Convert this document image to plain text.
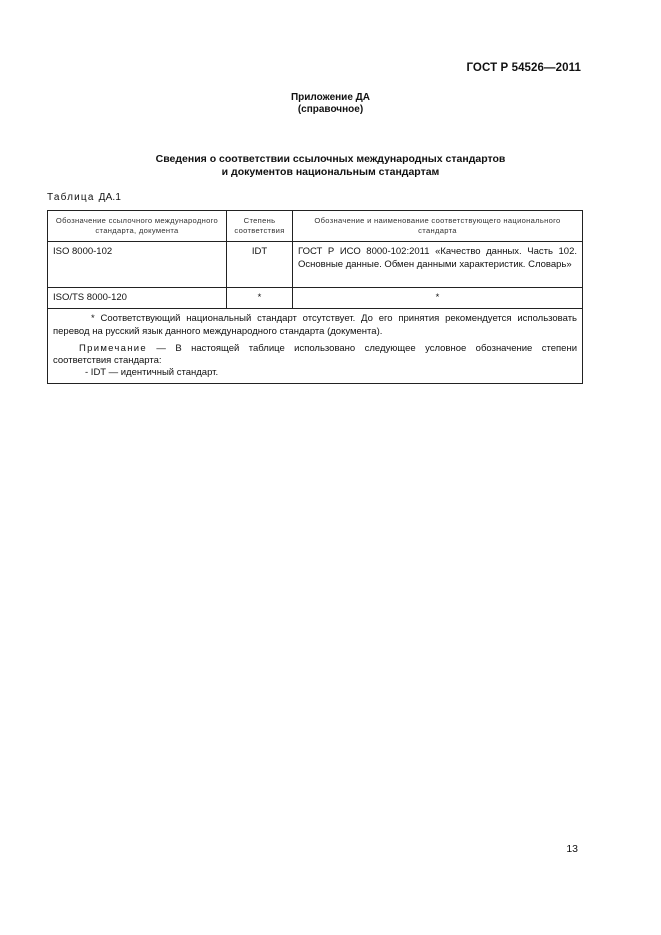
ГОСТ Р 54526—2011
Приложение ДА
(справочное)
Сведения о соответствии ссылочных международных стандартов
и документов национальным стандартам
Таблица ДА.1
Обозначение ссылочного международного стандарта, документа	Степень соответствия	Обозначение и наименование соответствующего национального стандарта
ISO 8000-102	IDT	ГОСТ Р ИСО 8000-102:2011 «Качество данных. Часть 102. Основные данные. Обмен данными характеристик. Словарь»
ISO/TS 8000-120	*	*

* Соответствующий национальный стандарт отсутствует. До его принятия рекомендуется использовать перевод на русский язык данного международного стандарта (документа).

Примечание — В настоящей таблице использовано следующее условное обозначение степени соответствия стандарта:

- IDT — идентичный стандарт.		

13
